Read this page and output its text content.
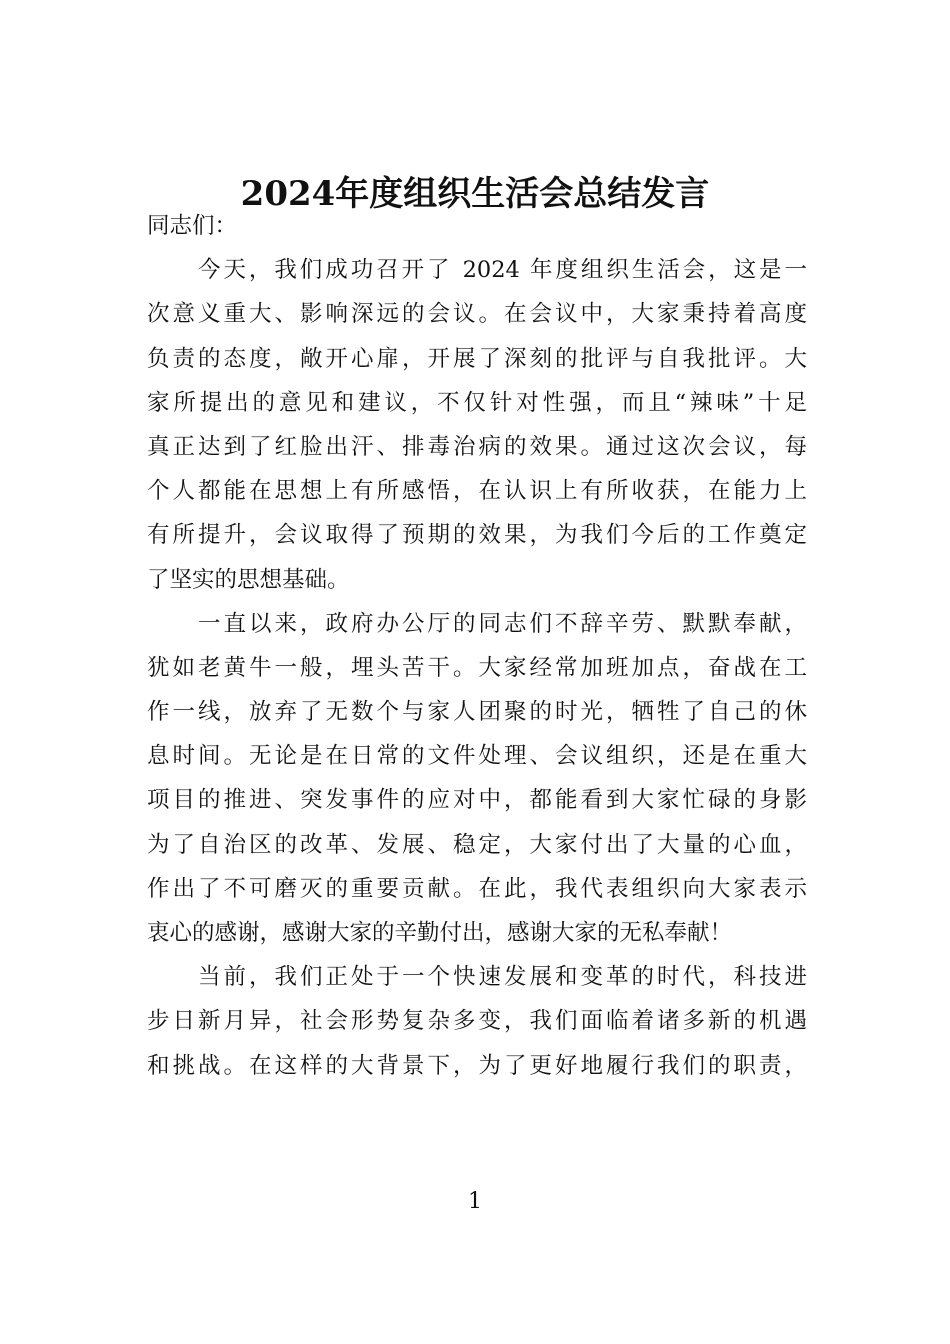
2024年度组织生活会总结发言
同志们：
今天，我们成功召开了 2024 年度组织生活会，这是一
次意义重大、影响深远的会议。在会议中，大家秉持着高度
负责的态度，敞开心扉，开展了深刻的批评与自我批评。大
家所提出的意见和建议，不仅针对性强，而且“辣味”十足
真正达到了红脸出汗、排毒治病的效果。通过这次会议，每
个人都能在思想上有所感悟，在认识上有所收获，在能力上
有所提升，会议取得了预期的效果，为我们今后的工作奠定
了坚实的思想基础。
一直以来，政府办公厅的同志们不辞辛劳、默默奉献，
犹如老黄牛一般，埋头苦干。大家经常加班加点，奋战在工
作一线，放弃了无数个与家人团聚的时光，牺牲了自己的休
息时间。无论是在日常的文件处理、会议组织，还是在重大
项目的推进、突发事件的应对中，都能看到大家忙碌的身影
为了自治区的改革、发展、稳定，大家付出了大量的心血，
作出了不可磨灭的重要贡献。在此，我代表组织向大家表示
衷心的感谢，感谢大家的辛勤付出，感谢大家的无私奉献！
当前，我们正处于一个快速发展和变革的时代，科技进
步日新月异，社会形势复杂多变，我们面临着诸多新的机遇
和挑战。在这样的大背景下，为了更好地履行我们的职责，
1
